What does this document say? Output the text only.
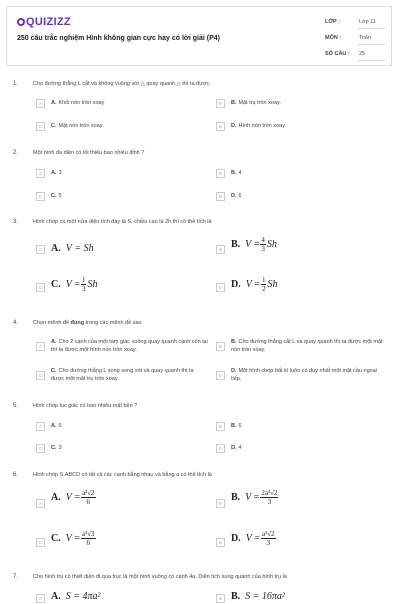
QUIZIZZ
250 câu trắc nghiệm Hình không gian cực hay có lời giải (P4)
LỚP :	Lớp 11
MÔN :	Toán
SỐ CÂU : 25
1.	Cho đường thẳng L cắt và không vuông với △ quay quanh △ thì ta được
A	A. Khối nón tròn xoay	B	B. Mặt trụ tròn xoay.
C	C. Mặt nón tròn xoay.	D	D. Hình nón tròn xoay.
2.	Một hình đa diện có tối thiểu bao nhiêu đỉnh ?
A	A. 3	B	B. 4
C	C. 5	D	D. 6
3.	Hình chóp có một nửa diện tích đáy là S, chiều cao là 2h thì có thể tích là
A A. V = Sh	B B. $V = \frac{4}{3}$ Sh
C C. $V = \frac{1}{3}$ Sh	D D. $V = \frac{1}{2}$ Sh
4.	Chọn mệnh đề đúng trong các mệnh đề sau
A
A. Cho 2 cạnh của một tam giác vuông quay quanh cạnh còn lại thì ta được một hình nón tròn xoay.
B
B. Cho đường thẳng cắt L và quay quanh thì ta được một mặt nón tròn xoay.
C
C. Cho đường thẳng L song song với và quay quanh thì ta được một mặt trụ tròn xoay.
D
D. Một hình chóp bất kì luôn có duy nhất một mặt cầu ngoại tiếp.
5.	Hình chóp lục giác có bao nhiêu mặt bên ?
A	A. 5	B	B. 6
C	C. 3	D	D. 4
6.	Hình chóp S.ABCD có tất cả các cạnh bằng nhau và bằng a có thể tích là
A
A. $V = \frac{\text{a³√2}}{6}$	B
B. $V = \frac{\text{2a³√2}}{3}$
C C. $V = \frac{\text{a³√3}}{6}$	D D. $V = \frac{\text{a³√2}}{3}$
7.	Cho hình trụ có thiết diện đi qua trục là một hình vuông có cạnh 4a. Diện tích xung quanh của hình trụ là
A A. S = 4πa²	B B. S = 16πa²
